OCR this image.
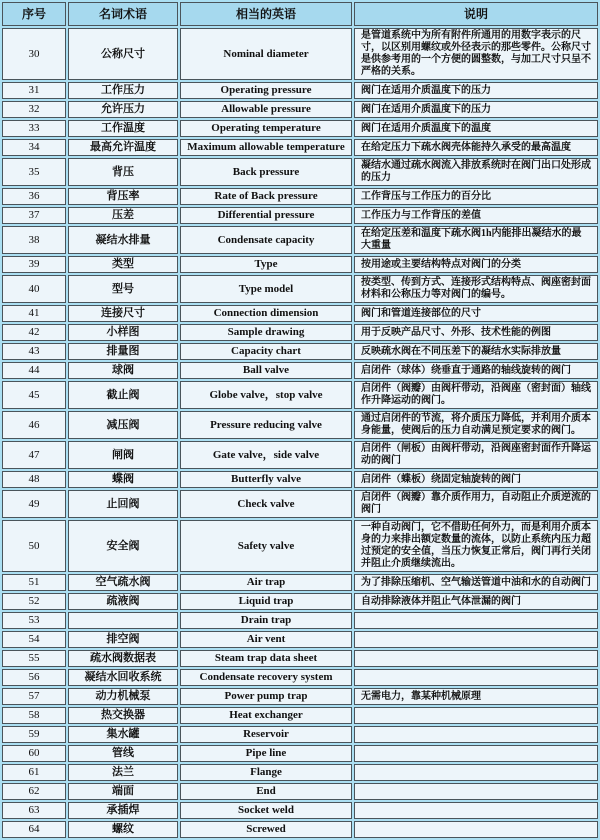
序号	名词术语	相当的英语	说明
30	公称尺寸	Nominal diameter	是管道系统中为所有附件所通用的用数字表示的尺寸，以区别用螺纹或外径表示的那些零件。公称尺寸是供参考用的一个方便的圆整数，与加工尺寸只呈不严格的关系。
31	工作压力	Operating pressure	阀门在适用介质温度下的压力
32	允许压力	Allowable pressure	阀门在适用介质温度下的压力
33	工作温度	Operating temperature	阀门在适用介质温度下的温度
34	最高允许温度	Maximum allowable temperature	在给定压力下疏水阀壳体能持久承受的最高温度
35	背压	Back pressure	凝结水通过疏水阀流入排放系统时在阀门出口处形成的压力
36	背压率	Rate of Back pressure	工作背压与工作压力的百分比
37	压差	Differential pressure	工作压力与工作背压的差值
38	凝结水排量	Condensate capacity	在给定压差和温度下疏水阀1h内能排出凝结水的最大重量
39	类型	Type	按用途或主要结构特点对阀门的分类
40	型号	Type model	按类型、传到方式、连接形式结构特点、阀座密封面材料和公称压力等对阀门的编号。
41	连接尺寸	Connection dimension	阀门和管道连接部位的尺寸
42	小样图	Sample drawing	用于反映产品尺寸、外形、技术性能的例图
43	排量图	Capacity chart	反映疏水阀在不同压差下的凝结水实际排放量
44	球阀	Ball valve	启闭件（球体）绕垂直于通路的轴线旋转的阀门
45	截止阀	Globe valve，stop valve	启闭件（阀瓣）由阀杆带动，沿阀座（密封面）轴线作升降运动的阀门。
46	减压阀	Pressure reducing valve	通过启闭件的节流，将介质压力降低，并利用介质本身能量，使阀后的压力自动满足预定要求的阀门。
47	闸阀	Gate valve，side valve	启闭件（闸板）由阀杆带动，沿阀座密封面作升降运动的阀门
48	蝶阀	Butterfly valve	启闭件（蝶板）绕固定轴旋转的阀门
49	止回阀	Check valve	启闭件（阀瓣）靠介质作用力，自动阻止介质逆流的阀门
50	安全阀	Safety valve	一种自动阀门，它不借助任何外力，而是利用介质本身的力来排出额定数量的流体，以防止系统内压力超过预定的安全值，当压力恢复正常后，阀门再行关闭并阻止介质继续流出。
51	空气疏水阀	Air trap	为了排除压缩机、空气输送管道中油和水的自动阀门
52	疏液阀	Liquid trap	自动排除液体并阻止气体泄漏的阀门
53		Drain trap	
54	排空阀	Air vent	
55	疏水阀数据表	Steam trap data sheet	
56	凝结水回收系统	Condensate recovery system	
57	动力机械泵	Power pump trap	无需电力，靠某种机械原理
58	热交换器	Heat exchanger	
59	集水罐	Reservoir	
60	管线	Pipe line	
61	法兰	Flange	
62	端面	End	
63	承插焊	Socket weld	
64	螺纹	Screwed	
